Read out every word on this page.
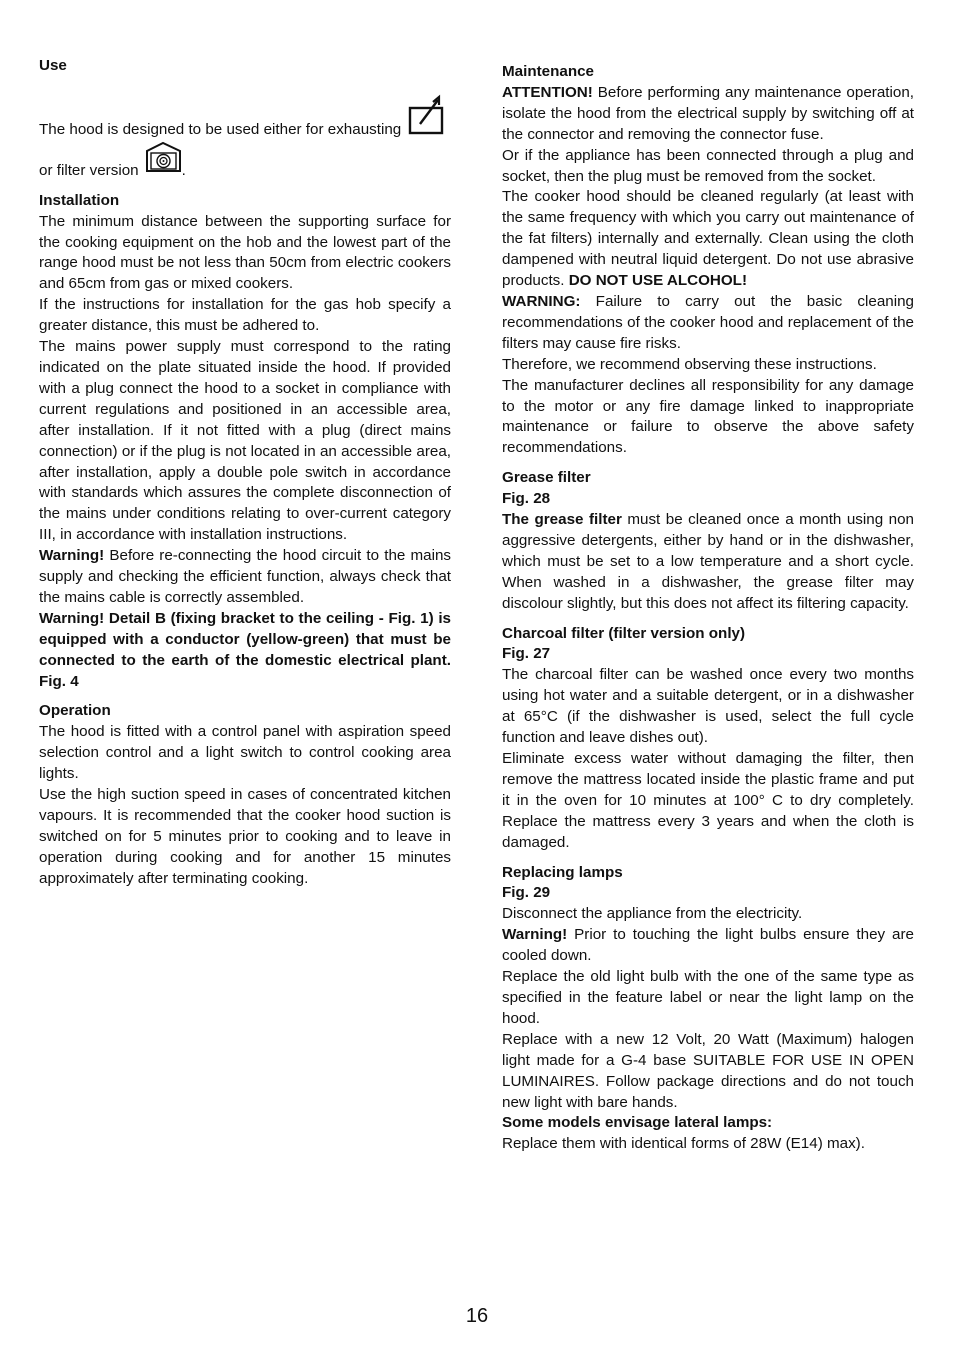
Use

The hood is designed to be used either for exhausting

or filter version	.

Installation

The minimum distance between the supporting surface for the cooking equipment on the hob and the lowest part of the range hood must be not less than 50cm from electric cookers and 65cm from gas or mixed cookers.

If the instructions for installation for the gas hob specify a greater distance, this must be adhered to.

The mains power supply must correspond to the rating indicated on the plate situated inside the hood. If provided with a plug connect the hood to a socket in compliance with current regulations and positioned in an accessible area, after installation. If it not fitted with a plug (direct mains connection) or if the plug is not located in an accessible area, after installation, apply a double pole switch in accordance with standards which assures the complete disconnection of the mains under conditions relating to over-current category III, in accordance with installation instructions.

Warning! Before re-connecting the hood circuit to the mains supply and checking the efficient function, always check that the mains cable is correctly assembled.

Warning! Detail B (fixing bracket to the ceiling - Fig. 1) is equipped with a conductor (yellow-green) that must be connected to the earth of the domestic electrical plant. Fig. 4

Operation

The hood is fitted with a control panel with aspiration speed selection control and a light switch to control cooking area lights.

Use the high suction speed in cases of concentrated kitchen vapours. It is recommended that the cooker hood suction is switched on for 5 minutes prior to cooking and to leave in operation during cooking and for another 15 minutes approximately after terminating cooking.

Maintenance

ATTENTION! Before performing any maintenance operation, isolate the hood from the electrical supply by switching off at the connector and removing the connector fuse.

Or if the appliance has been connected through a plug and socket, then the plug must be removed from the socket.

The cooker hood should be cleaned regularly (at least with the same frequency with which you carry out maintenance of the fat filters) internally and externally. Clean using the cloth dampened with neutral liquid detergent. Do not use abrasive products. DO NOT USE ALCOHOL!

WARNING: Failure to carry out the basic cleaning recommendations of the cooker hood and replacement of the filters may cause fire risks.

Therefore, we recommend observing these instructions.

The manufacturer declines all responsibility for any damage to the motor or any fire damage linked to inappropriate maintenance or failure to observe the above safety recommendations.

Grease filter

Fig. 28

The grease filter must be cleaned once a month using non aggressive detergents, either by hand or in the dishwasher, which must be set to a low temperature and a short cycle. When washed in a dishwasher, the grease filter may discolour slightly, but this does not affect its filtering capacity.

Charcoal filter (filter version only)

Fig. 27

The charcoal filter can be washed once every two months using hot water and a suitable detergent, or in a dishwasher at 65°C (if the dishwasher is used, select the full cycle function and leave dishes out).

Eliminate excess water without damaging the filter, then remove the mattress located inside the plastic frame and put it in the oven for 10 minutes at 100° C to dry completely. Replace the mattress every 3 years and when the cloth is damaged.

Replacing lamps

Fig. 29

Disconnect the appliance from the electricity.

Warning! Prior to touching the light bulbs ensure they are cooled down.

Replace the old light bulb with the one of the same type as specified in the feature label or near the light lamp on the hood.

Replace with a new 12 Volt, 20 Watt (Maximum) halogen light made for a G-4 base SUITABLE FOR USE IN OPEN LUMINAIRES. Follow package directions and do not touch new light with bare hands.

Some models envisage lateral lamps:

Replace them with identical forms of 28W (E14) max).

16
